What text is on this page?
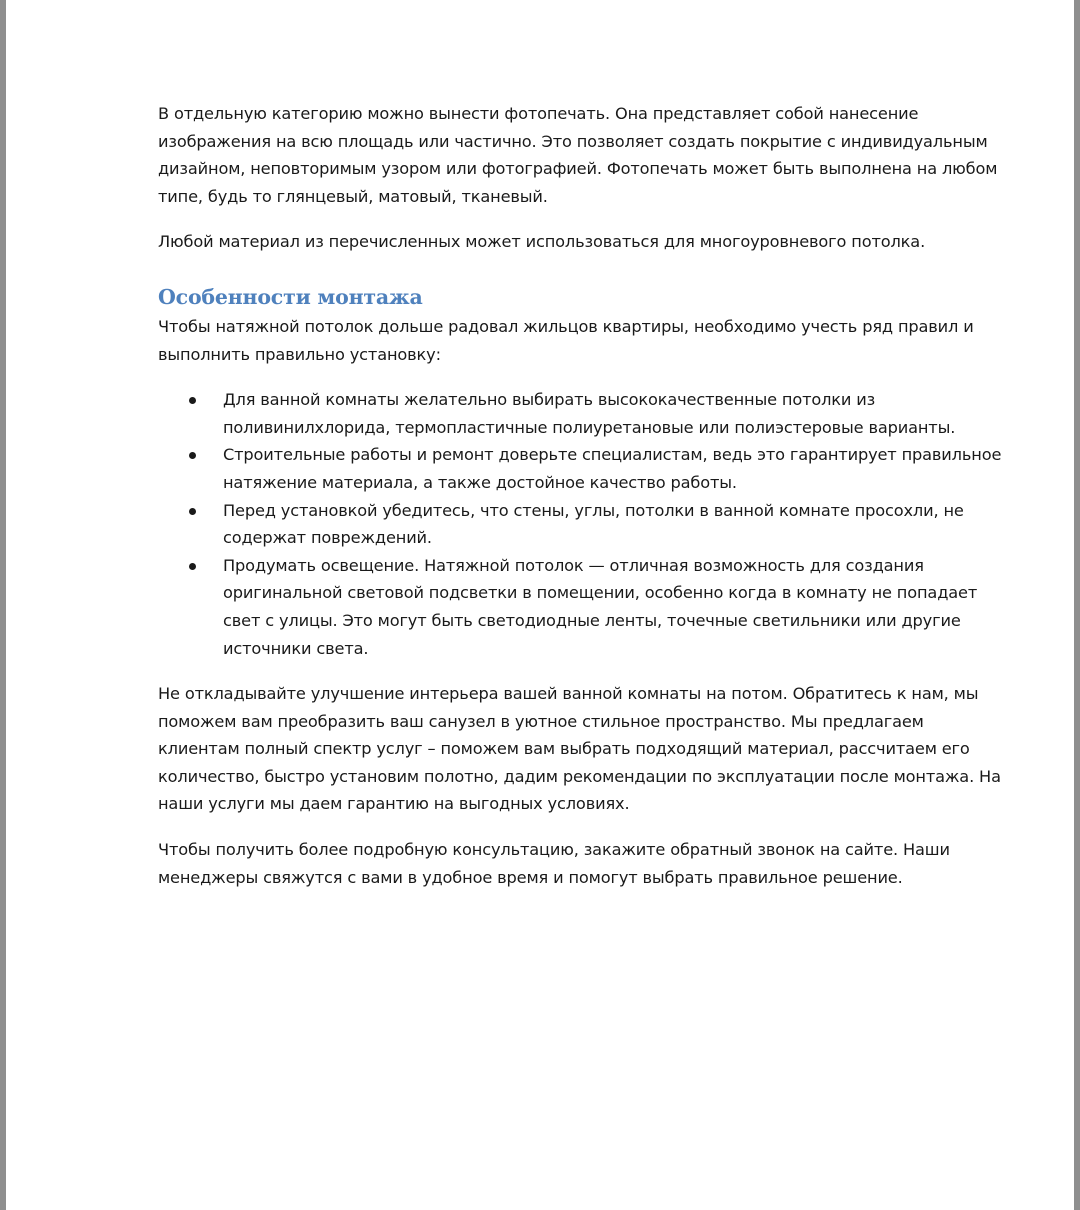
В отдельную категорию можно вынести фотопечать. Она представляет собой нанесение изображения на всю площадь или частично. Это позволяет создать покрытие с индивидуальным дизайном, неповторимым узором или фотографией. Фотопечать может быть выполнена на любом типе, будь то глянцевый, матовый, тканевый.

Любой материал из перечисленных может использоваться для многоуровневого потолка.

Особенности монтажа

Чтобы натяжной потолок дольше радовал жильцов квартиры, необходимо учесть ряд правил и выполнить правильно установку:

Для ванной комнаты желательно выбирать высококачественные потолки из поливинилхлорида, термопластичные полиуретановые или полиэстеровые варианты.
Строительные работы и ремонт доверьте специалистам, ведь это гарантирует правильное натяжение материала, а также достойное качество работы.
Перед установкой убедитесь, что стены, углы, потолки в ванной комнате просохли, не содержат повреждений.
Продумать освещение. Натяжной потолок — отличная возможность для создания оригинальной световой подсветки в помещении, особенно когда в комнату не попадает свет с улицы. Это могут быть светодиодные ленты, точечные светильники или другие источники света.

Не откладывайте улучшение интерьера вашей ванной комнаты на потом. Обратитесь к нам, мы поможем вам преобразить ваш санузел в уютное стильное пространство. Мы предлагаем клиентам полный спектр услуг – поможем вам выбрать подходящий материал, рассчитаем его количество, быстро установим полотно, дадим рекомендации по эксплуатации после монтажа. На наши услуги мы даем гарантию на выгодных условиях.

Чтобы получить более подробную консультацию, закажите обратный звонок на сайте. Наши менеджеры свяжутся с вами в удобное время и помогут выбрать правильное решение.
